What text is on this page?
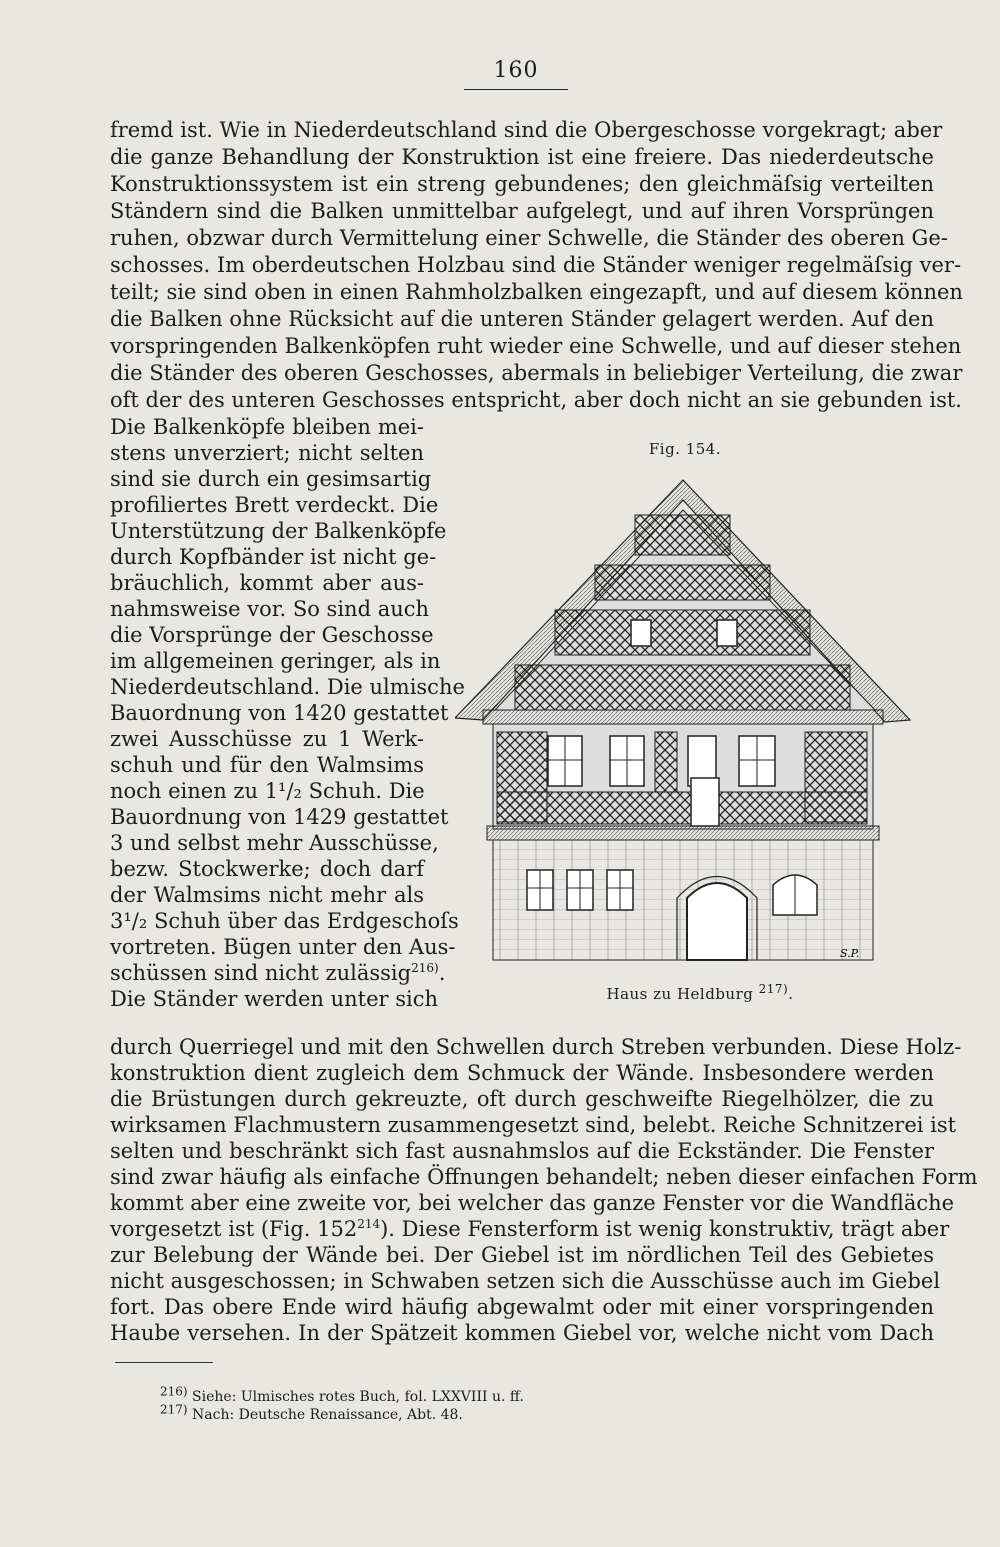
160
fremd ist. Wie in Niederdeutschland sind die Obergeschosse vorgekragt; aber
die ganze Behandlung der Konstruktion ist eine freiere. Das niederdeutsche
Konstruktionssystem ist ein streng gebundenes; den gleichmäſsig verteilten
Ständern sind die Balken unmittelbar aufgelegt, und auf ihren Vorsprüngen
ruhen, obzwar durch Vermittelung einer Schwelle, die Ständer des oberen Ge-
schosses. Im oberdeutschen Holzbau sind die Ständer weniger regelmäſsig ver-
teilt; sie sind oben in einen Rahmholzbalken eingezapft, und auf diesem können
die Balken ohne Rücksicht auf die unteren Ständer gelagert werden. Auf den
vorspringenden Balkenköpfen ruht wieder eine Schwelle, und auf dieser stehen
die Ständer des oberen Geschosses, abermals in beliebiger Verteilung, die zwar
oft der des unteren Geschosses entspricht, aber doch nicht an sie gebunden ist.
Die Balkenköpfe bleiben mei-
stens unverziert; nicht selten
sind sie durch ein gesimsartig
profiliertes Brett verdeckt. Die
Unterstützung der Balkenköpfe
durch Kopfbänder ist nicht ge-
bräuchlich, kommt aber aus-
nahmsweise vor. So sind auch
die Vorsprünge der Geschosse
im allgemeinen geringer, als in
Niederdeutschland. Die ulmische
Bauordnung von 1420 gestattet
zwei Ausschüsse zu 1 Werk-
schuh und für den Walmsims
noch einen zu 1¹/₂ Schuh. Die
Bauordnung von 1429 gestattet
3 und selbst mehr Ausschüsse,
bezw. Stockwerke; doch darf
der Walmsims nicht mehr als
3¹/₂ Schuh über das Erdgeschoſs
vortreten. Bügen unter den Aus-
schüssen sind nicht zulässig$^{216)}$.
Die Ständer werden unter sich
Fig. 154.
S.P.
Haus zu Heldburg $^{217)}$.
durch Querriegel und mit den Schwellen durch Streben verbunden. Diese Holz-
konstruktion dient zugleich dem Schmuck der Wände. Insbesondere werden
die Brüstungen durch gekreuzte, oft durch geschweifte Riegelhölzer, die zu
wirksamen Flachmustern zusammengesetzt sind, belebt. Reiche Schnitzerei ist
selten und beschränkt sich fast ausnahmslos auf die Eckständer. Die Fenster
sind zwar häufig als einfache Öffnungen behandelt; neben dieser einfachen Form
kommt aber eine zweite vor, bei welcher das ganze Fenster vor die Wandfläche
vorgesetzt ist (Fig. $152^{214}$). Diese Fensterform ist wenig konstruktiv, trägt aber
zur Belebung der Wände bei. Der Giebel ist im nördlichen Teil des Gebietes
nicht ausgeschossen; in Schwaben setzen sich die Ausschüsse auch im Giebel
fort. Das obere Ende wird häufig abgewalmt oder mit einer vorspringenden
Haube versehen. In der Spätzeit kommen Giebel vor, welche nicht vom Dach
$^{216)}$ Siehe: Ulmisches rotes Buch, fol. LXXVIII u. ff.
$^{217)}$ Nach: Deutsche Renaissance, Abt. 48.
